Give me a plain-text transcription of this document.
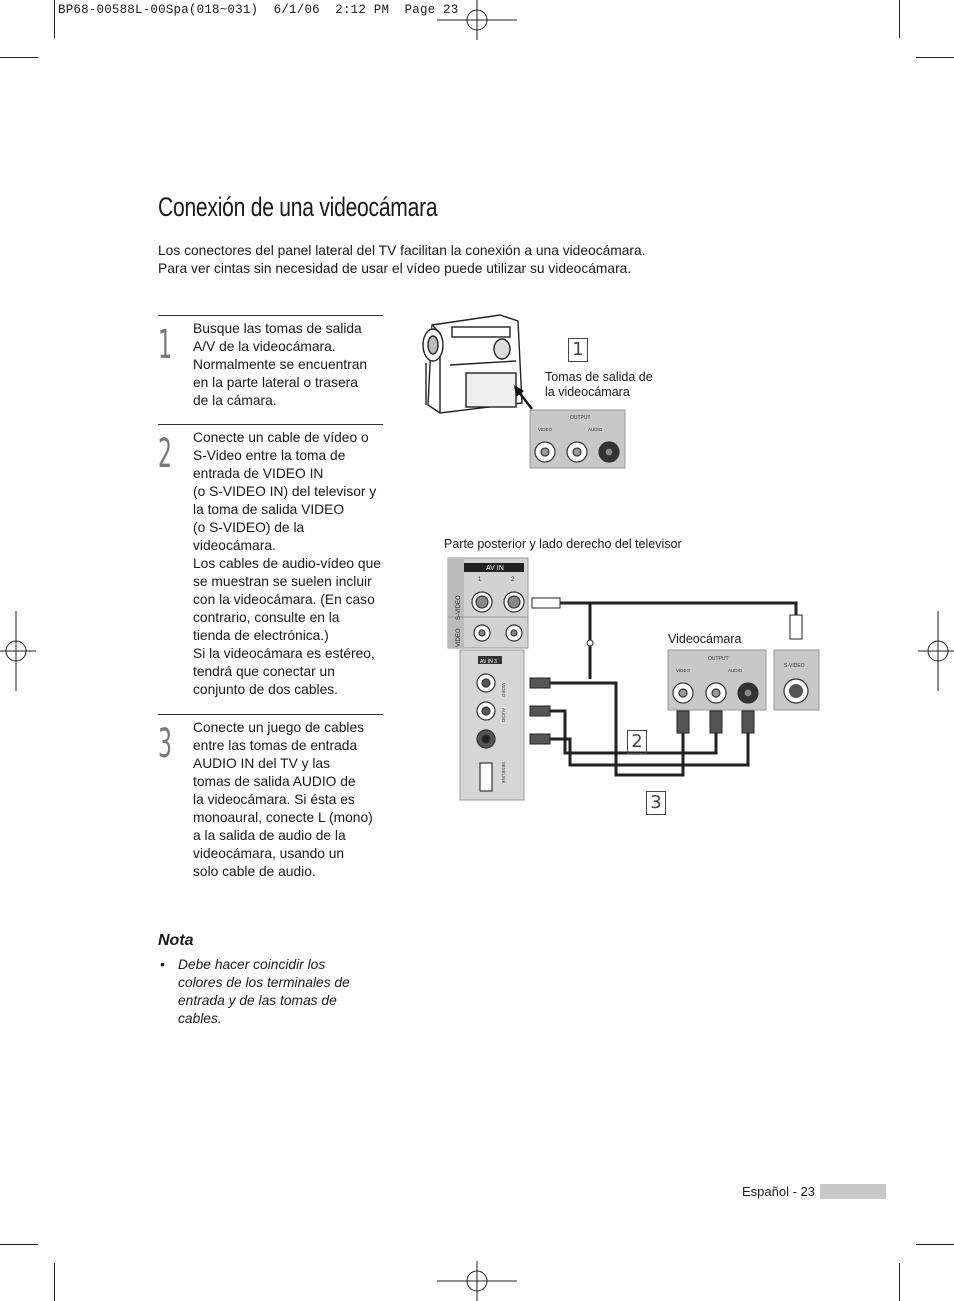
BP68-00588L-00Spa(018~031)  6/1/06  2:12 PM  Page 23
Conexión de una videocámara
Los conectores del panel lateral del TV facilitan la conexión a una videocámara.
Para ver cintas sin necesidad de usar el vídeo puede utilizar su videocámara.
1 Busque las tomas de salida
A/V de la videocámara.
Normalmente se encuentran
en la parte lateral o trasera
de la cámara.
2 Conecte un cable de vídeo o
S-Video entre la toma de
entrada de VIDEO IN
(o S-VIDEO IN) del televisor y
la toma de salida VIDEO
(o S-VIDEO) de la
videocámara.
Los cables de audio-vídeo que
se muestran se suelen incluir
con la videocámara. (En caso
contrario, consulte en la
tienda de electrónica.)
Si la videocámara es estéreo,
tendrá que conectar un
conjunto de dos cables.
3 Conecte un juego de cables
entre las tomas de entrada
AUDIO IN del TV y las
tomas de salida AUDIO de
la videocámara. Si ésta es
monoaural, conecte L (mono)
a la salida de audio de la
videocámara, usando un
solo cable de audio.
Nota
• Debe hacer coincidir los
colores de los terminales de
entrada y de las tomas de
cables.
OUTPUT
VIDEO	AUDIO
AV IN
1	2
S-VIDEO
VIDEO
AV IN 3
VIDEO
AUDIO
WISELINK
OUTPUT
VIDEO	AUDIO
S-VIDEO
1
Tomas de salida de
la videocámara
Parte posterior y lado derecho del televisor
Videocámara
2
3
Español - 23
